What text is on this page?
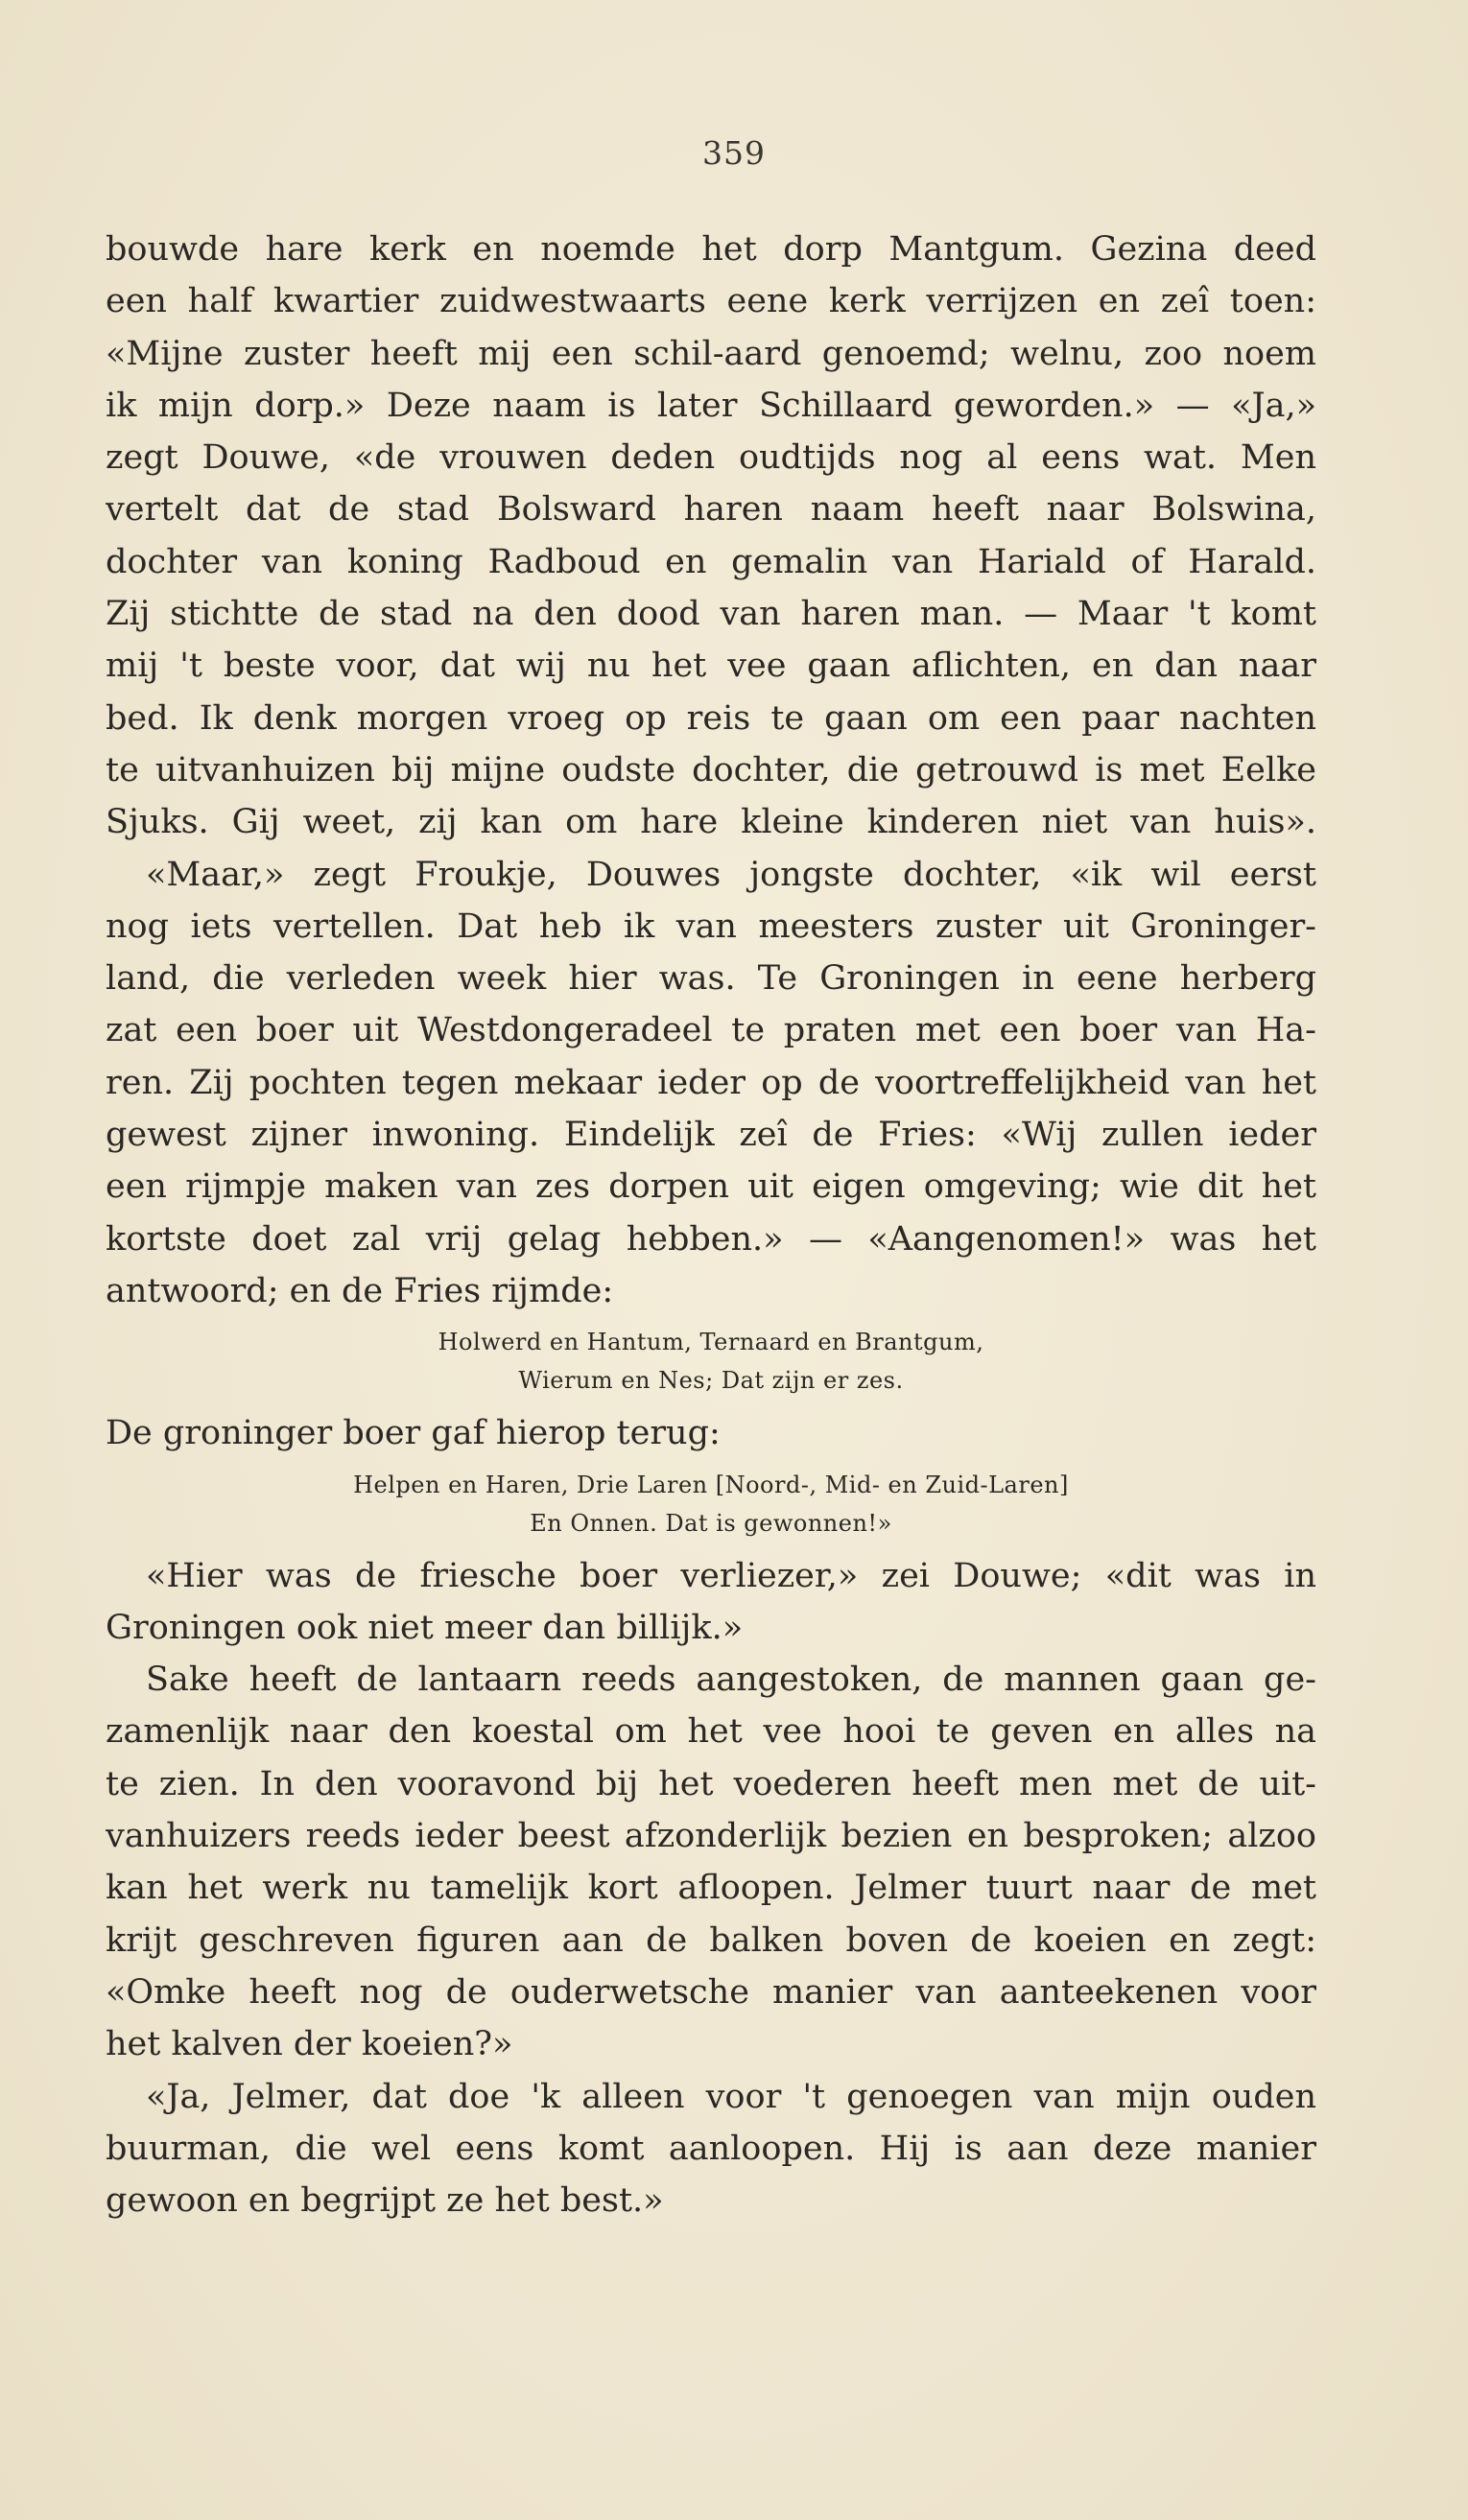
359
bouwde hare kerk en noemde het dorp Mantgum. Gezina deed
een half kwartier zuidwestwaarts eene kerk verrijzen en zeî toen:
«Mijne zuster heeft mij een schil-aard genoemd; welnu, zoo noem
ik mijn dorp.» Deze naam is later Schillaard geworden.» — «Ja,»
zegt Douwe, «de vrouwen deden oudtijds nog al eens wat. Men
vertelt dat de stad Bolsward haren naam heeft naar Bolswina,
dochter van koning Radboud en gemalin van Hariald of Harald.
Zij stichtte de stad na den dood van haren man. — Maar 't komt
mij 't beste voor, dat wij nu het vee gaan aflichten, en dan naar
bed. Ik denk morgen vroeg op reis te gaan om een paar nachten
te uitvanhuizen bij mijne oudste dochter, die getrouwd is met Eelke
Sjuks. Gij weet, zij kan om hare kleine kinderen niet van huis».
«Maar,» zegt Froukje, Douwes jongste dochter, «ik wil eerst
nog iets vertellen. Dat heb ik van meesters zuster uit Groninger-
land, die verleden week hier was. Te Groningen in eene herberg
zat een boer uit Westdongeradeel te praten met een boer van Ha-
ren. Zij pochten tegen mekaar ieder op de voortreffelijkheid van het
gewest zijner inwoning. Eindelijk zeî de Fries: «Wij zullen ieder
een rijmpje maken van zes dorpen uit eigen omgeving; wie dit het
kortste doet zal vrij gelag hebben.» — «Aangenomen!» was het
antwoord; en de Fries rijmde:
Holwerd en Hantum, Ternaard en Brantgum,
Wierum en Nes; Dat zijn er zes.
De groninger boer gaf hierop terug:
Helpen en Haren, Drie Laren [Noord-, Mid- en Zuid-Laren]
En Onnen. Dat is gewonnen!»
«Hier was de friesche boer verliezer,» zei Douwe; «dit was in
Groningen ook niet meer dan billijk.»
Sake heeft de lantaarn reeds aangestoken, de mannen gaan ge-
zamenlijk naar den koestal om het vee hooi te geven en alles na
te zien. In den vooravond bij het voederen heeft men met de uit-
vanhuizers reeds ieder beest afzonderlijk bezien en besproken; alzoo
kan het werk nu tamelijk kort afloopen. Jelmer tuurt naar de met
krijt geschreven figuren aan de balken boven de koeien en zegt:
«Omke heeft nog de ouderwetsche manier van aanteekenen voor
het kalven der koeien?»
«Ja, Jelmer, dat doe 'k alleen voor 't genoegen van mijn ouden
buurman, die wel eens komt aanloopen. Hij is aan deze manier
gewoon en begrijpt ze het best.»
